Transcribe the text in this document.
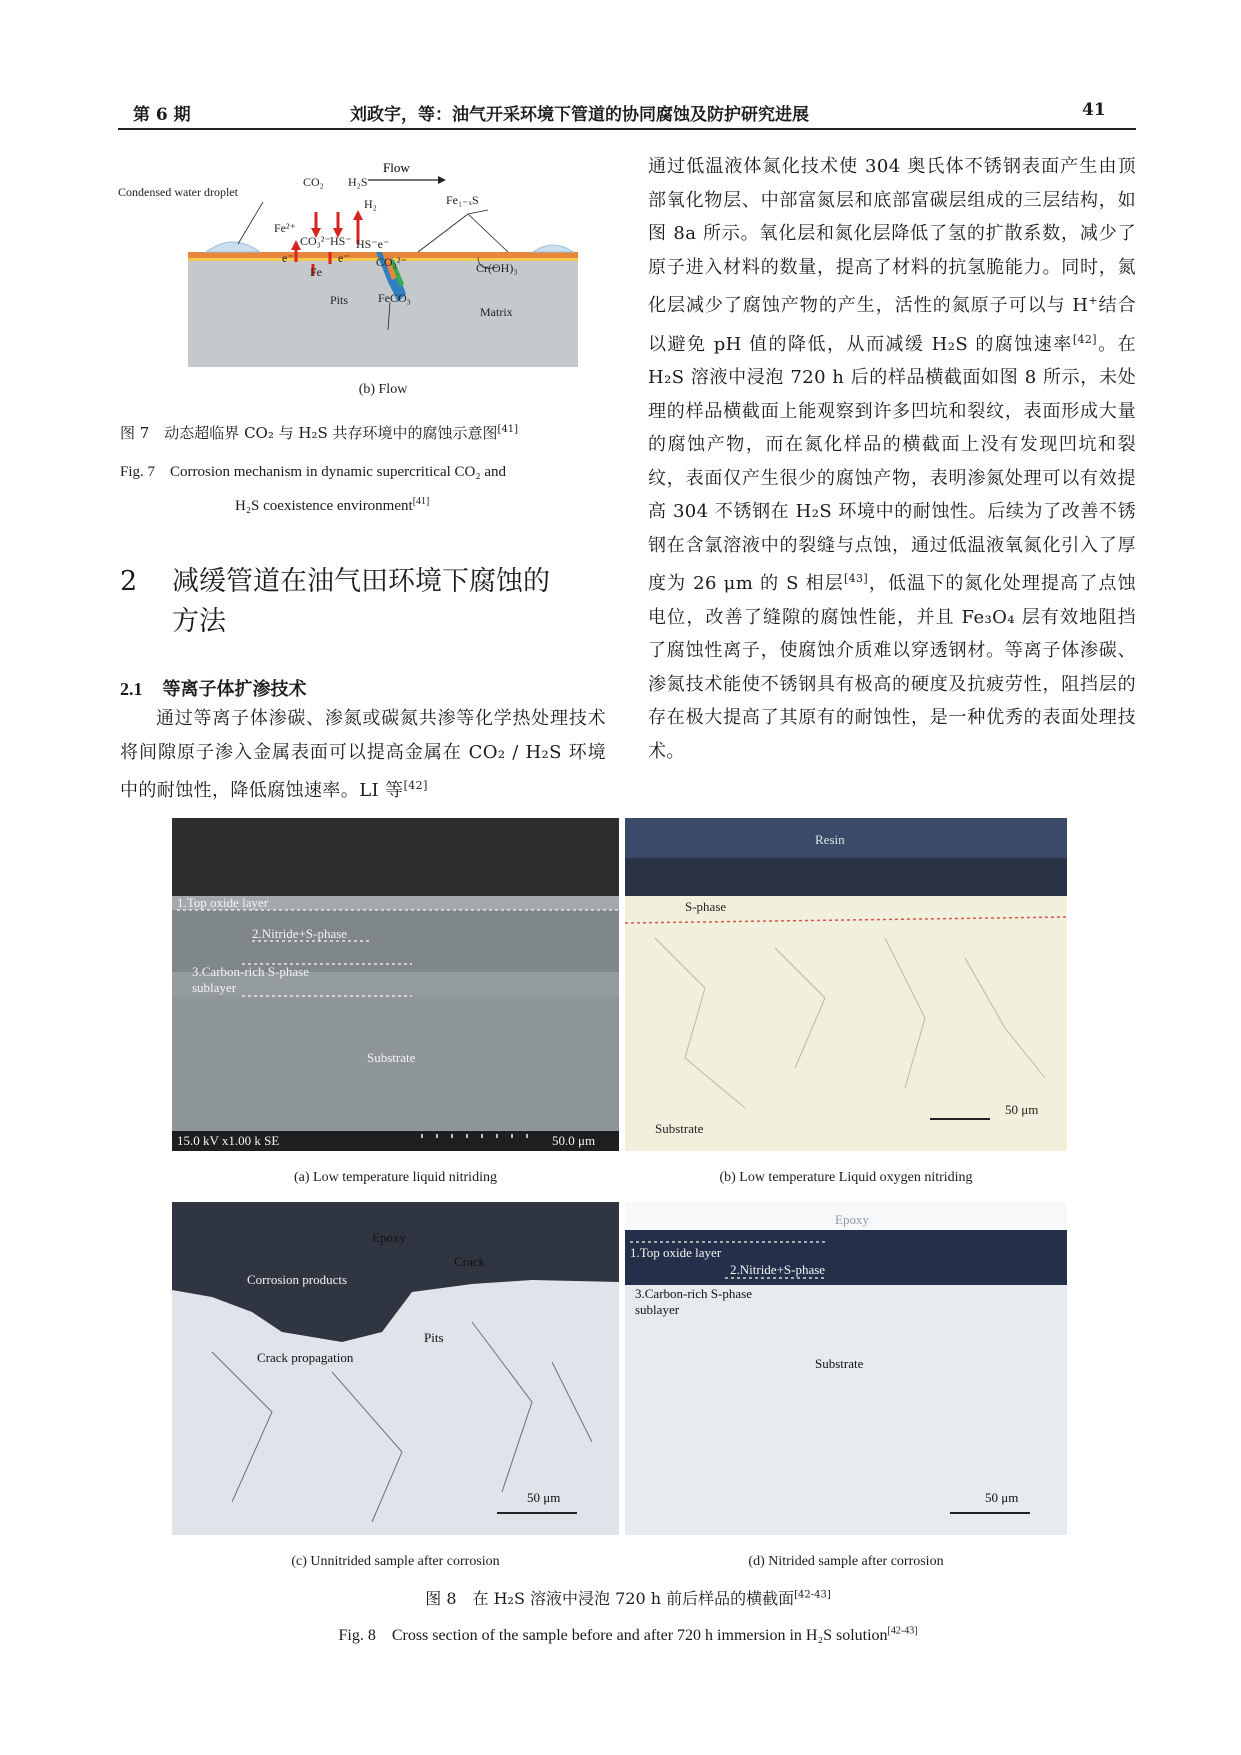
第 6 期	刘政宇，等：油气开采环境下管道的协同腐蚀及防护研究进展	41
Flow
Condensed water droplet
CO₂ H₂S
H₂
Fe²⁺
CO₃²⁻ HS⁻ HS⁻e⁻
e⁻	e⁻
Fe
CO₃²⁻
Fe₁₋ₓS
Cr(OH)₃
Pits FeCO₃
Matrix
(b) Flow
图 7　动态超临界 CO₂ 与 H₂S 共存环境中的腐蚀示意图[41]
Fig. 7　Corrosion mechanism in dynamic supercritical CO₂ and
H₂S coexistence environment[41]
2 减缓管道在油气田环境下腐蚀的
方法
2.1 等离子体扩渗技术

通过等离子体渗碳、渗氮或碳氮共渗等化学热处理技术将间隙原子渗入金属表面可以提高金属在 CO₂ / H₂S 环境中的耐蚀性，降低腐蚀速率。LI 等[42]

通过低温液体氮化技术使 304 奥氏体不锈钢表面产生由顶部氧化物层、中部富氮层和底部富碳层组成的三层结构，如图 8a 所示。氧化层和氮化层降低了氢的扩散系数，减少了原子进入材料的数量，提高了材料的抗氢脆能力。同时，氮化层减少了腐蚀产物的产生，活性的氮原子可以与 H+结合以避免 pH 值的降低，从而减缓 H₂S 的腐蚀速率[42]。在 H₂S 溶液中浸泡 720 h 后的样品横截面如图 8 所示，未处理的样品横截面上能观察到许多凹坑和裂纹，表面形成大量的腐蚀产物，而在氮化样品的横截面上没有发现凹坑和裂纹，表面仅产生很少的腐蚀产物，表明渗氮处理可以有效提高 304 不锈钢在 H₂S 环境中的耐蚀性。后续为了改善不锈钢在含氯溶液中的裂缝与点蚀，通过低温液氧氮化引入了厚度为 26 μm 的 S 相层[43]，低温下的氮化处理提高了点蚀电位，改善了缝隙的腐蚀性能，并且 Fe₃O₄ 层有效地阻挡了腐蚀性离子，使腐蚀介质难以穿透钢材。等离子体渗碳、渗氮技术能使不锈钢具有极高的硬度及抗疲劳性，阻挡层的存在极大提高了其原有的耐蚀性，是一种优秀的表面处理技术。

1.Top oxide layer
2.Nitride+S-phase
3.Carbon-rich S-phase
sublayer
Substrate
15.0 kV x1.00 k SE	50.0 μm
(a) Low temperature liquid nitriding
Resin
S-phase
Substrate
50 μm
(b) Low temperature Liquid oxygen nitriding
Epoxy
Corrosion products
Crack
Pits
Crack propagation
50 μm
(c) Unnitrided sample after corrosion
Epoxy
1.Top oxide layer
2.Nitride+S-phase
3.Carbon-rich S-phase
sublayer
Substrate
50 μm
(d) Nitrided sample after corrosion
图 8　在 H₂S 溶液中浸泡 720 h 前后样品的横截面[42-43]
Fig. 8　Cross section of the sample before and after 720 h immersion in H₂S solution[42-43]
